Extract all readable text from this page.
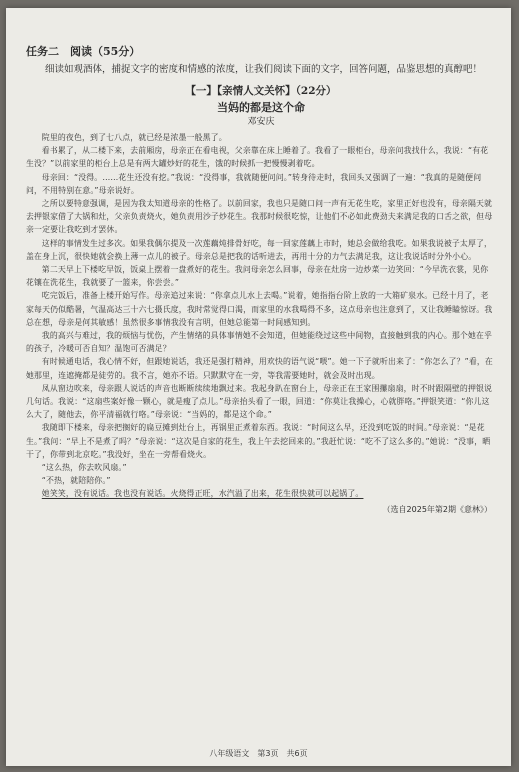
任务二　阅读（55分）

细读如观酒体，捕捉文字的密度和情感的浓度，让我们阅读下面的文字，回答问题，品鉴思想的真醇吧！

【一】【亲情人文关怀】（22分）

当妈的都是这个命

邓安庆

院里的夜色，到了七八点，就已经是浓墨一般黑了。

看书累了，从二楼下来，去前厢房，母亲正在看电视，父亲靠在床上睡着了。我看了一眼柜台，母亲问我找什么，我说：“有花生没？”以前家里的柜台上总是有两大罐炒好的花生，饿的时候抓一把慢慢剥着吃。

母亲回：“没得。……花生还没有挖。”我说：“没得事，我就随便问问。”转身待走时，我回头又强调了一遍：“我真的是随便问问，不用特别在意。”母亲说好。

之所以要特意强调，是因为我太知道母亲的性格了。以前回家，我也只是随口问一声有无花生吃，家里正好也没有，母亲隔天就去押银家借了大锅和灶，父亲负责烧火，她负责用沙子炒花生。我那时候很吃惊，让他们不必如此费劲夫来满足我的口舌之欲，但母亲一定要让我吃到才罢休。

这样的事情发生过多次。如果我偶尔提及一次莲藕炖排骨好吃，每一回家莲藕上市时，她总会做给我吃。如果我说被子太厚了，盖在身上沉，很快她就会换上薄一点儿的被子。母亲总是把我的话听进去，再用十分的力气去满足我，这让我说话时分外小心。

第二天早上下楼吃早饭，饭桌上摆着一盘煮好的花生。我问母亲怎么回事，母亲在灶房一边炒菜一边笑回：“今早洗衣裳，见你花镶在洗花生，我就要了一篮来，你尝尝。”

吃完饭后，准备上楼开始写作。母亲追过来说：“你拿点儿水上去喝。”说着，她指指台阶上放的一大箱矿泉水。已经十月了，老家每天仍似酷暑，气温高达三十六七摄氏度，我时常觉得口渴，而家里的水我喝得不多，这点母亲也注意到了，又让我睡瞌惊讶。我总在想，母亲是何其敏感！虽然很多事情我没有言明，但她总能第一时间感知到。

我的高兴与难过，我的烦恼与忧伤，产生情绪的具体事情她不会知道，但她能绕过这些中间物，直接触到我的内心。那个她在乎的孩子，冷暖可否自知？温饱可否满足？

有时候通电话，我心情不好，但跟她说话，我还是强打精神，用欢快的语气说“喂”。她一下子就听出来了：“你怎么了？”看，在她那里，连遮掩都是徒劳的。我不言，她亦不语。只默默守在一旁，等我需要她时，就会及时出现。

凤从窗边吹来，母亲跟人说话的声音也断断续续地飘过来。我起身趴在窗台上，母亲正在王家围攥扇扇，时不时跟隔壁的押银说几句话。我说：“这扇些案好像一颗心，就是瘦了点儿。”母亲抬头看了一眼，回道：“你莫让我操心，心就胖咯。”押银笑道：“你儿这么大了，随他去，你平清福就行咯。”母亲说：“当妈的，都是这个命。”

我随即下楼来，母亲把搁好的扁豆摊到灶台上，再锅里正煮着东西。我说：“时间这么早，还没到吃饭的时间。”母亲说：“是花生。”我问：“早上不是煮了吗？”母亲说：“这次是自家的花生，我上午去挖回来的。”我赶忙说：“吃不了这么多的。”她说：“没事，晒干了，你带到北京吃。”我没好，坐在一旁帮看烧火。

“这么热，你去吹风扇。”

“不热，就陪陪你。”

她笑笑，没有说话。我也没有说话。火烧得正旺，水汽溢了出来，花生很快就可以起锅了。

（选自2025年第2期《意林》）

八年级语文　第3页　共6页
